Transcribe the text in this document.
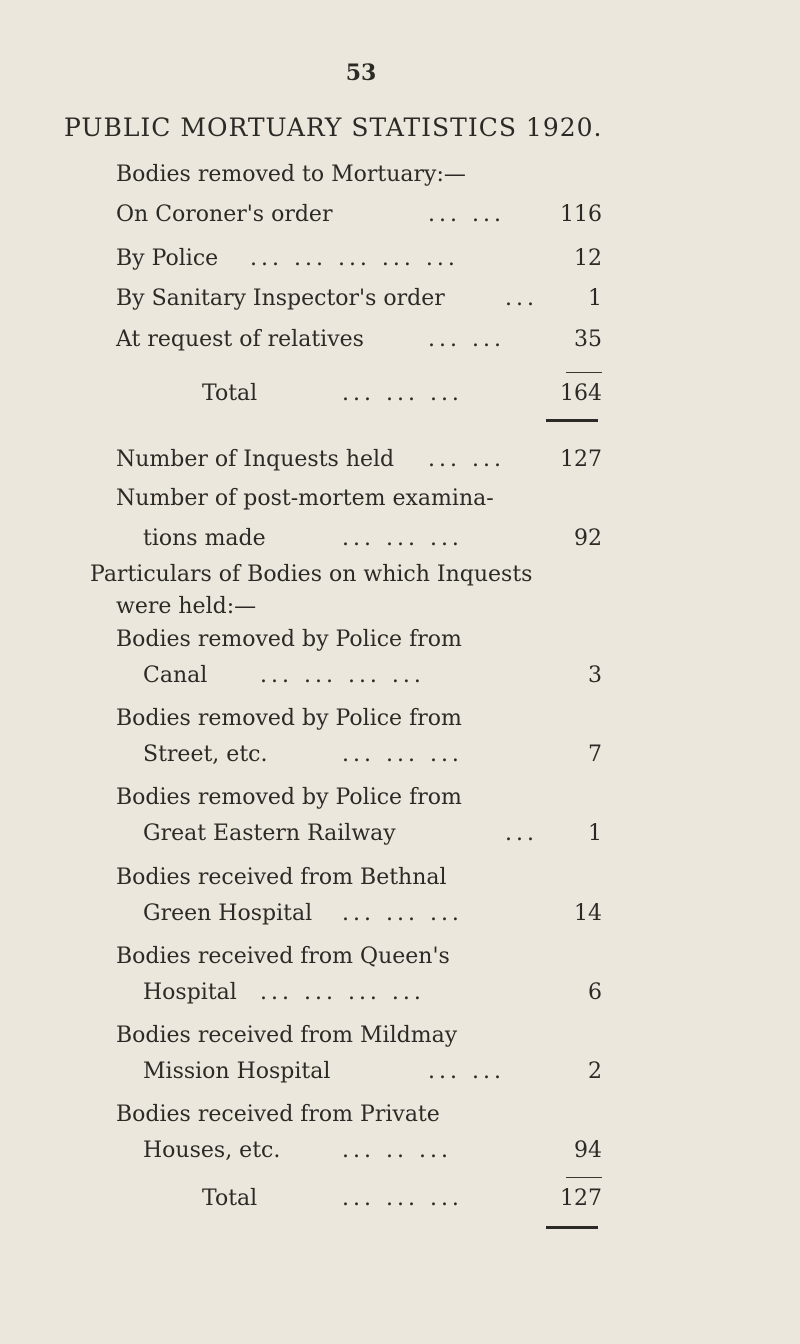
53
PUBLIC MORTUARY STATISTICS 1920.
Bodies removed to Mortuary:—
On Coroner's order	... ...	116
By Police ... ... ... ... ...	12
By Sanitary Inspector's order	... 1
At request of relatives	... ...	35
Total	... ... ...	164
Number of Inquests held ... ...	127
Number of post-mortem examina-
tions made	... ... ...	92
Particulars of Bodies on which Inquests
were held:—
Bodies removed by Police from
Canal ... ... ... ...	3
Bodies removed by Police from
Street, etc.	... ... ...	7
Bodies removed by Police from
Great Eastern Railway	... 1
Bodies received from Bethnal
Green Hospital ... ... ...	14
Bodies received from Queen's
Hospital ... ... ... ...	6
Bodies received from Mildmay
Mission Hospital	... ...	2
Bodies received from Private
Houses, etc.	... .. ...	94
Total	... ... ...	127
